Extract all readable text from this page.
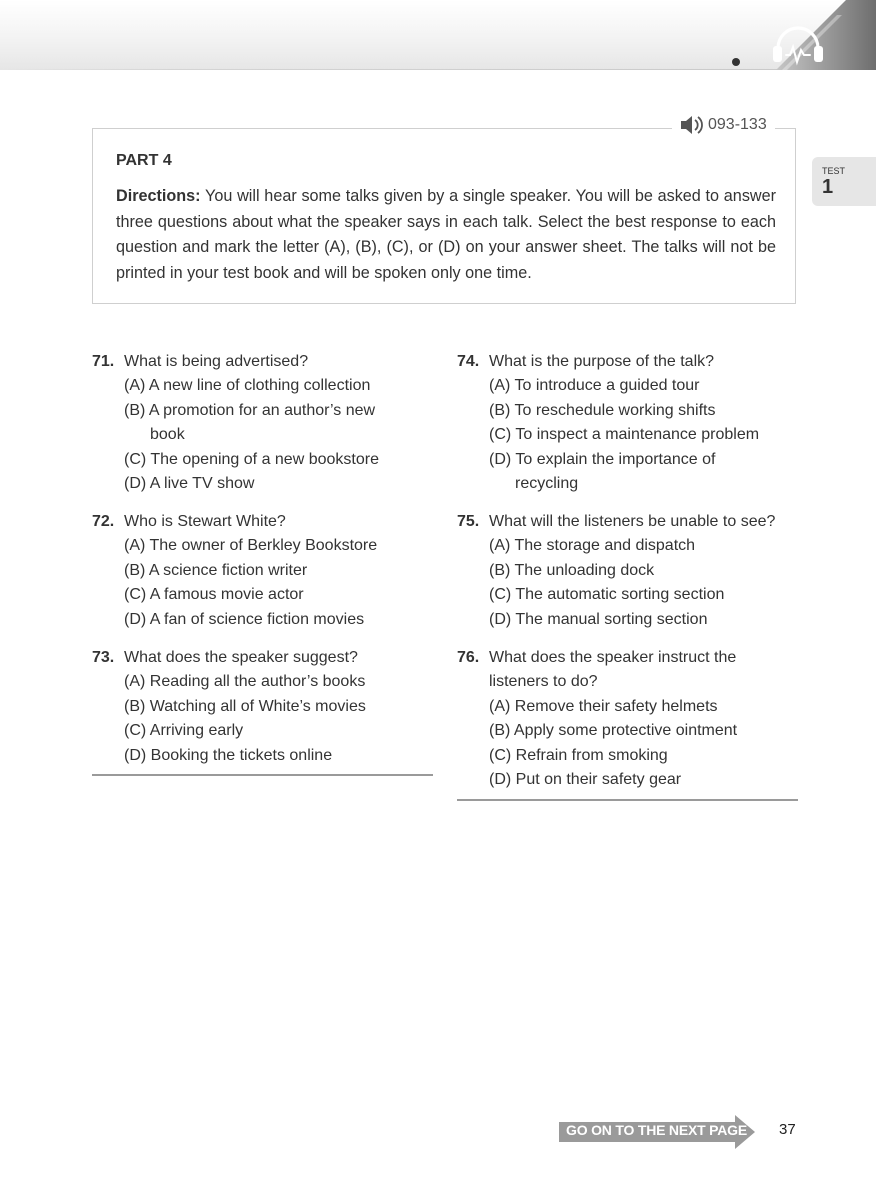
093-133
PART 4
Directions: You will hear some talks given by a single speaker. You will be asked to answer three questions about what the speaker says in each talk. Select the best response to each question and mark the letter (A), (B), (C), or (D) on your answer sheet. The talks will not be printed in your test book and will be spoken only one time.
TEST
1
71. What is being advertised?
(A) A new line of clothing collection
(B) A promotion for an author’s new
book
(C) The opening of a new bookstore
(D) A live TV show
72. Who is Stewart White?
(A) The owner of Berkley Bookstore
(B) A science fiction writer
(C) A famous movie actor
(D) A fan of science fiction movies
73. What does the speaker suggest?
(A) Reading all the author’s books
(B) Watching all of White’s movies
(C) Arriving early
(D) Booking the tickets online
74. What is the purpose of the talk?
(A) To introduce a guided tour
(B) To reschedule working shifts
(C) To inspect a maintenance problem
(D) To explain the importance of
recycling
75. What will the listeners be unable to see?
(A) The storage and dispatch
(B) The unloading dock
(C) The automatic sorting section
(D) The manual sorting section
76. What does the speaker instruct the
listeners to do?
(A) Remove their safety helmets
(B) Apply some protective ointment
(C) Refrain from smoking
(D) Put on their safety gear
GO ON TO THE NEXT PAGE 37
